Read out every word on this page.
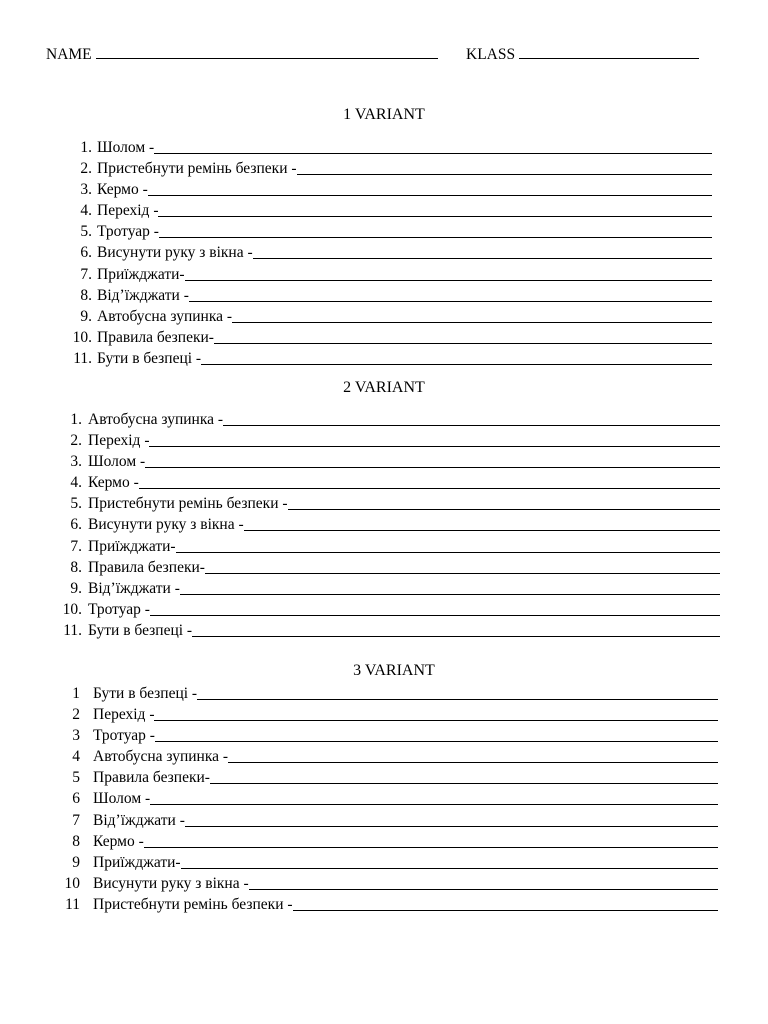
NAME	KLASS
1 VARIANT
1. Шолом -
2. Пристебнути ремінь безпеки -
3. Кермо -
4. Перехід -
5. Тротуар -
6. Висунути руку з вікна -
7. Приїжджати-
8. Від’їжджати -
9. Автобусна зупинка -
10. Правила безпеки-
11. Бути в безпеці -
2 VARIANT
1. Автобусна зупинка -
2. Перехід -
3. Шолом -
4. Кермо -
5. Пристебнути ремінь безпеки -
6. Висунути руку з вікна -
7. Приїжджати-
8. Правила безпеки-
9. Від’їжджати -
10. Тротуар -
11. Бути в безпеці -
3 VARIANT
1 Бути в безпеці -
2 Перехід -
3 Тротуар -
4 Автобусна зупинка -
5 Правила безпеки-
6 Шолом -
7 Від’їжджати -
8 Кермо -
9 Приїжджати-
10 Висунути руку з вікна -
11 Пристебнути ремінь безпеки -
